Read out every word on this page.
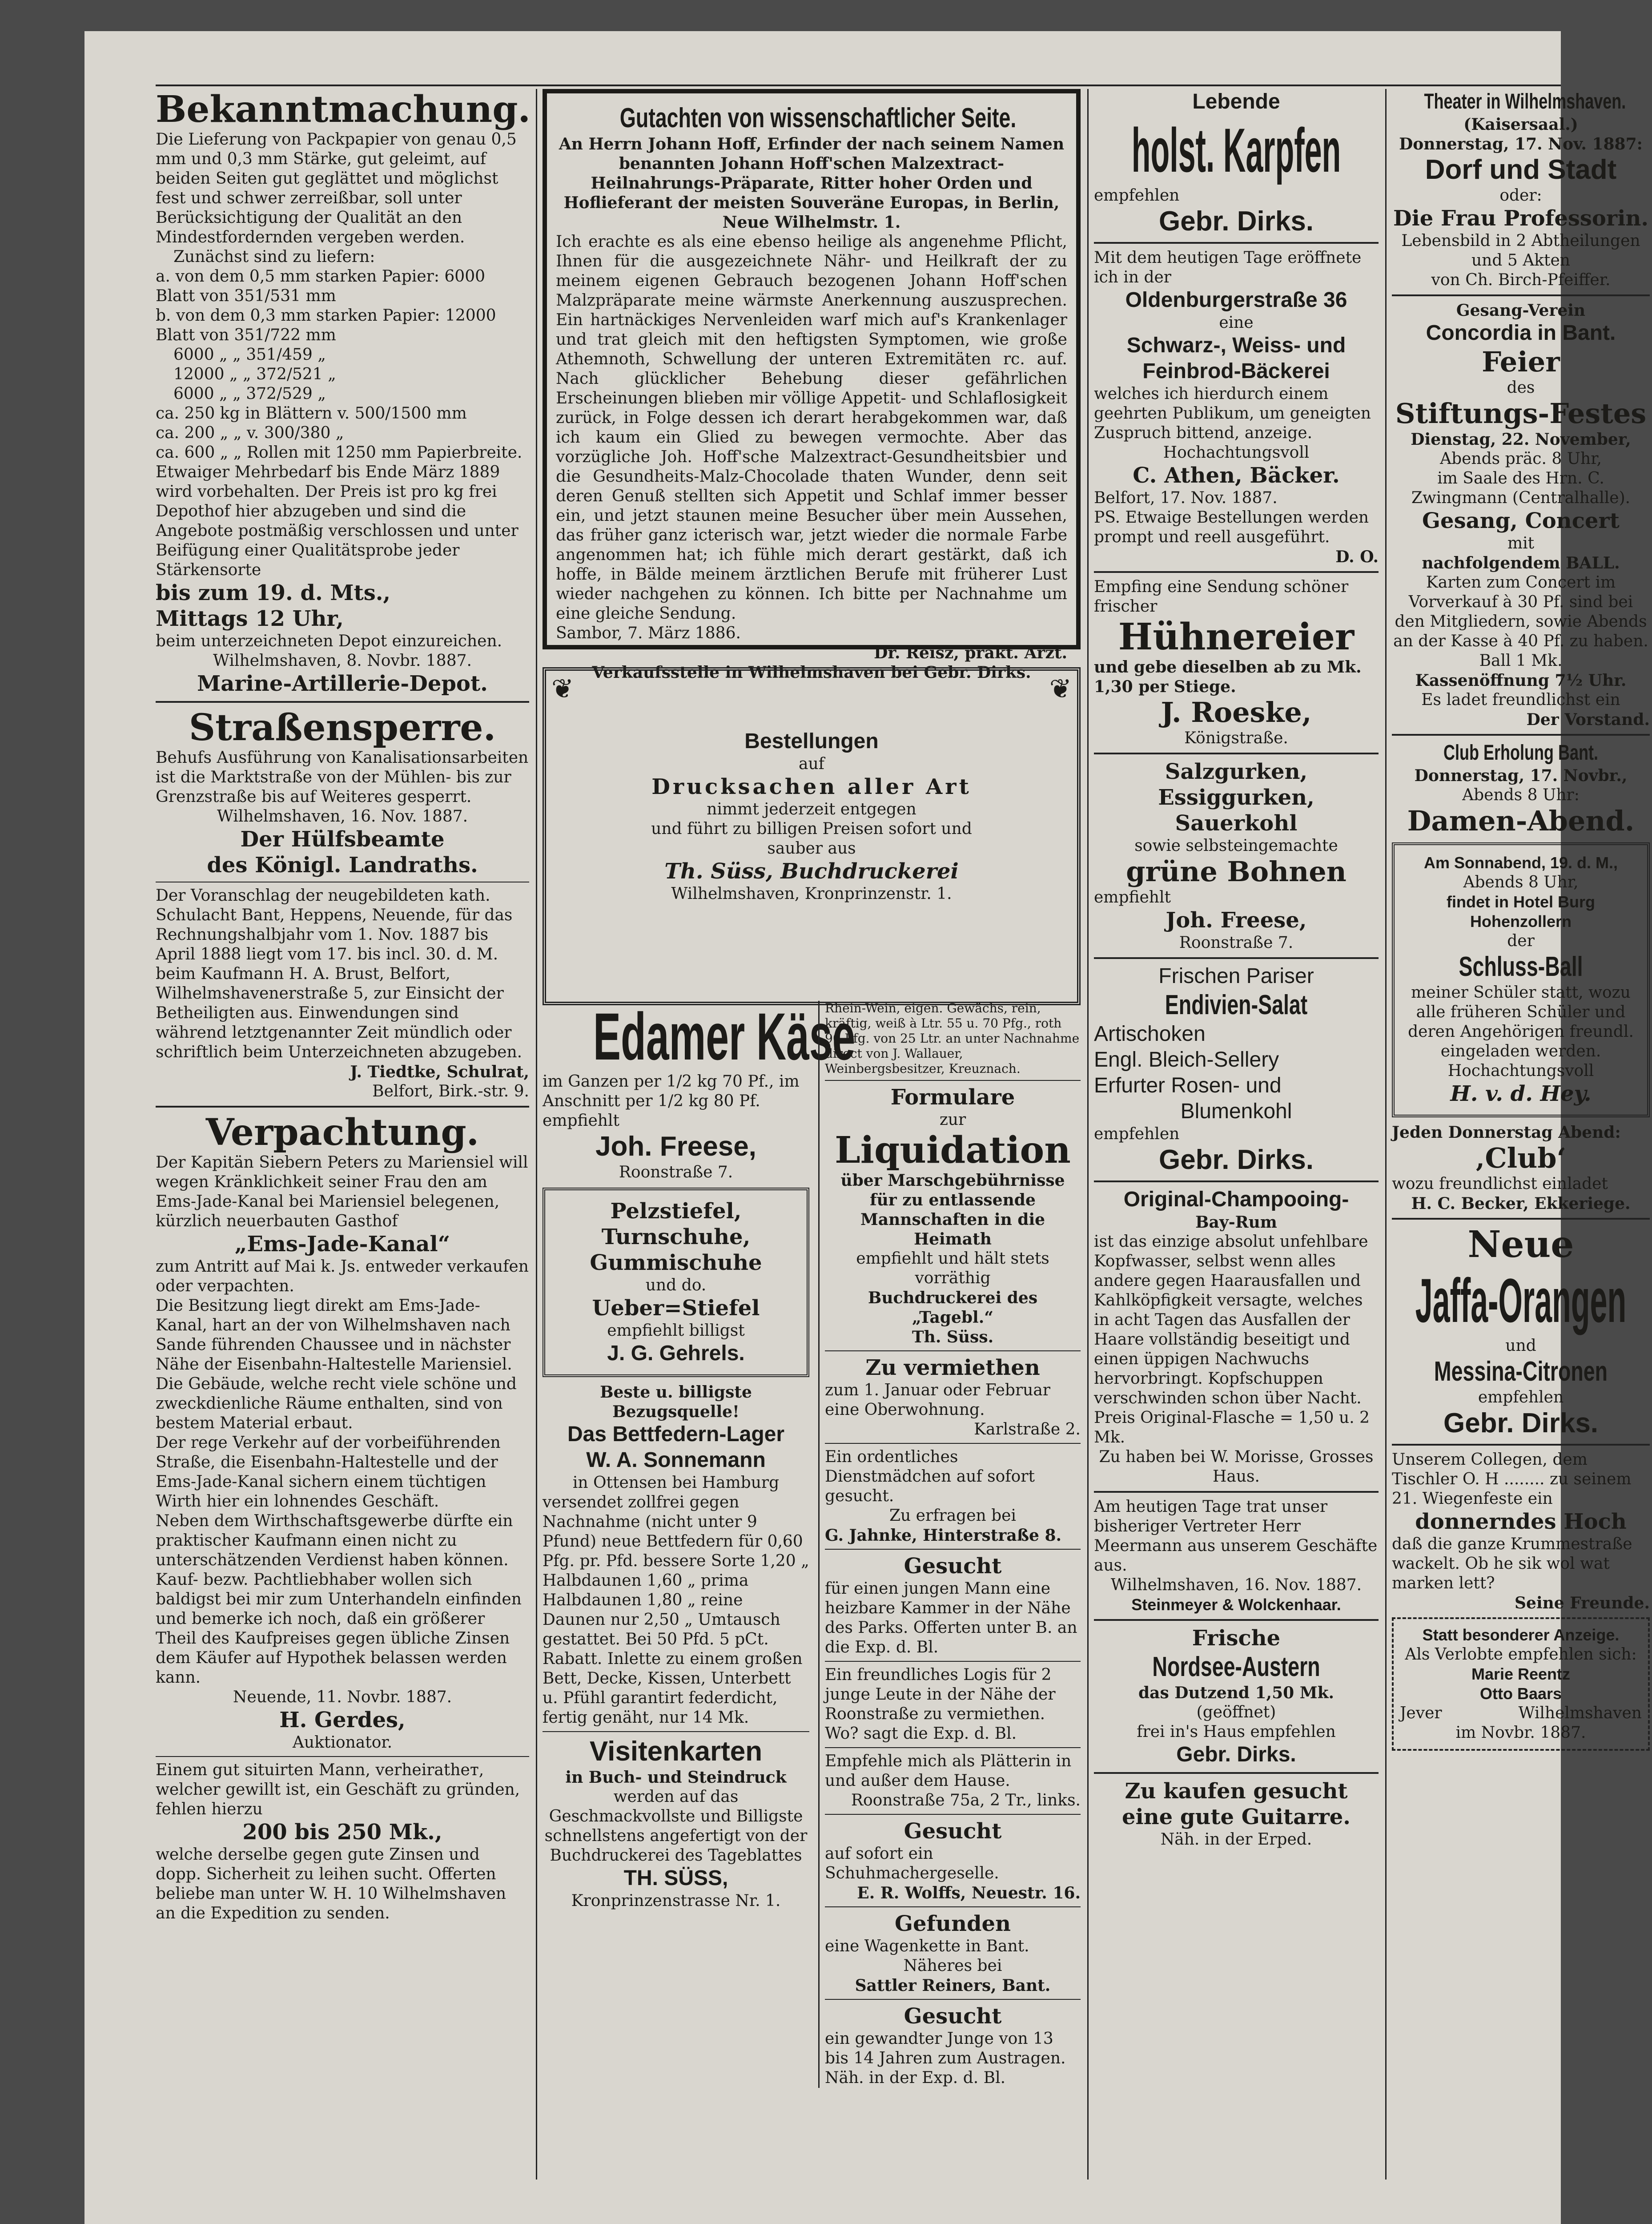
Bekanntmachung.

Die Lieferung von Packpapier von genau 0,5 mm und 0,3 mm Stärke, gut geleimt, auf beiden Seiten gut geglättet und möglichst fest und schwer zerreißbar, soll unter Berücksichtigung der Qualität an den Mindestfordernden vergeben werden.

Zunächst sind zu liefern:

a. von dem 0,5 mm starken Papier: 6000 Blatt von 351/531 mm

b. von dem 0,3 mm starken Papier: 12000 Blatt von 351/722 mm

6000 „ „ 351/459 „

12000 „ „ 372/521 „

6000 „ „ 372/529 „

ca. 250 kg in Blättern v. 500/1500 mm

ca. 200 „ „ v. 300/380 „

ca. 600 „ „ Rollen mit 1250 mm Papierbreite.

Etwaiger Mehrbedarf bis Ende März 1889 wird vorbehalten. Der Preis ist pro kg frei Depothof hier abzugeben und sind die Angebote postmäßig verschlossen und unter Beifügung einer Qualitätsprobe jeder Stärkensorte

bis zum 19. d. Mts.,
Mittags 12 Uhr,

beim unterzeichneten Depot einzureichen.

Wilhelmshaven, 8. Novbr. 1887.

Marine-Artillerie-Depot.
Straßensperre.

Behufs Ausführung von Kanalisationsarbeiten ist die Marktstraße von der Mühlen- bis zur Grenzstraße bis auf Weiteres gesperrt.

Wilhelmshaven, 16. Nov. 1887.

Der Hülfsbeamte
des Königl. Landraths.

Der Voranschlag der neugebildeten kath. Schulacht Bant, Heppens, Neuende, für das Rechnungshalbjahr vom 1. Nov. 1887 bis April 1888 liegt vom 17. bis incl. 30. d. M. beim Kaufmann H. A. Brust, Belfort, Wilhelmshavenerstraße 5, zur Einsicht der Betheiligten aus. Einwendungen sind während letztgenannter Zeit mündlich oder schriftlich beim Unterzeichneten abzugeben.

J. Tiedtke, Schulrat,

Belfort, Birk.-str. 9.

Verpachtung.

Der Kapitän Siebern Peters zu Mariensiel will wegen Kränklichkeit seiner Frau den am Ems-Jade-Kanal bei Mariensiel belegenen, kürzlich neuerbauten Gasthof

„Ems-Jade-Kanal“

zum Antritt auf Mai k. Js. entweder verkaufen oder verpachten.

Die Besitzung liegt direkt am Ems-Jade-Kanal, hart an der von Wilhelmshaven nach Sande führenden Chaussee und in nächster Nähe der Eisenbahn-Haltestelle Mariensiel. Die Gebäude, welche recht viele schöne und zweckdienliche Räume enthalten, sind von bestem Material erbaut.

Der rege Verkehr auf der vorbeiführenden Straße, die Eisenbahn-Haltestelle und der Ems-Jade-Kanal sichern einem tüchtigen Wirth hier ein lohnendes Geschäft.

Neben dem Wirthschaftsgewerbe dürfte ein praktischer Kaufmann einen nicht zu unterschätzenden Verdienst haben können.

Kauf- bezw. Pachtliebhaber wollen sich baldigst bei mir zum Unterhandeln einfinden und bemerke ich noch, daß ein größerer Theil des Kaufpreises gegen übliche Zinsen dem Käufer auf Hypothek belassen werden kann.

Neuende, 11. Novbr. 1887.

H. Gerdes,

Auktionator.

Einem gut situirten Mann, verheiratheт, welcher gewillt ist, ein Geschäft zu gründen, fehlen hierzu

200 bis 250 Mk.,

welche derselbe gegen gute Zinsen und dopp. Sicherheit zu leihen sucht. Offerten beliebe man unter W. H. 10 Wilhelmshaven an die Expedition zu senden.

Gutachten von wissenschaftlicher Seite.

An Herrn Johann Hoff, Erfinder der nach seinem Namen benannten Johann Hoff'schen Malzextract-Heilnahrungs-Präparate, Ritter hoher Orden und Hoflieferant der meisten Souveräne Europas, in Berlin, Neue Wilhelmstr. 1.

Ich erachte es als eine ebenso heilige als angenehme Pflicht, Ihnen für die ausgezeichnete Nähr- und Heilkraft der zu meinem eigenen Gebrauch bezogenen Johann Hoff'schen Malzpräparate meine wärmste Anerkennung auszusprechen. Ein hartnäckiges Nervenleiden warf mich auf's Krankenlager und trat gleich mit den heftigsten Symptomen, wie große Athemnoth, Schwellung der unteren Extremitäten rc. auf. Nach glücklicher Behebung dieser gefährlichen Erscheinungen blieben mir völlige Appetit- und Schlaflosigkeit zurück, in Folge dessen ich derart herabgekommen war, daß ich kaum ein Glied zu bewegen vermochte. Aber das vorzügliche Joh. Hoff'sche Malzextract-Gesundheitsbier und die Gesundheits-Malz-Chocolade thaten Wunder, denn seit deren Genuß stellten sich Appetit und Schlaf immer besser ein, und jetzt staunen meine Besucher über mein Aussehen, das früher ganz icterisch war, jetzt wieder die normale Farbe angenommen hat; ich fühle mich derart gestärkt, daß ich hoffe, in Bälde meinem ärztlichen Berufe mit früherer Lust wieder nachgehen zu können. Ich bitte per Nachnahme um eine gleiche Sendung.

Sambor, 7. März 1886.

Dr. Reisz, prakt. Arzt.

Verkaufsstelle in Wilhelmshaven bei Gebr. Dirks.

❦ Bestellungen

auf

Drucksachen aller Art

nimmt jederzeit entgegen

und führt zu billigen Preisen sofort und

sauber aus

Th. Süss, Buchdruckerei

Wilhelmshaven, Kronprinzenstr. 1.

❦
Edamer Käse

im Ganzen per 1/2 kg 70 Pf., im Anschnitt per 1/2 kg 80 Pf.

empfiehlt

Joh. Freese,

Roonstraße 7.

Pelzstiefel,
Turnschuhe,
Gummischuhe

und do.

Ueber=Stiefel

empfiehlt billigst

J. G. Gehrels.

Beste u. billigste Bezugsquelle!

Das Bettfedern-Lager
W. A. Sonnemann

in Ottensen bei Hamburg

versendet zollfrei gegen Nachnahme (nicht unter 9 Pfund) neue Bettfedern für 0,60 Pfg. pr. Pfd. bessere Sorte 1,20 „ Halbdaunen 1,60 „ prima Halbdaunen 1,80 „ reine Daunen nur 2,50 „ Umtausch gestattet. Bei 50 Pfd. 5 pCt. Rabatt. Inlette zu einem großen Bett, Decke, Kissen, Unterbett u. Pfühl garantirt federdicht, fertig genäht, nur 14 Mk.

Visitenkarten

in Buch- und Steindruck

werden auf das Geschmackvollste und Billigste schnellstens angefertigt von der Buchdruckerei des Tageblattes

TH. SÜSS,

Kronprinzenstrasse Nr. 1.

Rhein-Wein, eigen. Gewächs, rein, kräftig, weiß à Ltr. 55 u. 70 Pfg., roth 90 Pfg. von 25 Ltr. an unter Nachnahme direct von J. Wallauer, Weinbergsbesitzer, Kreuznach.

Formulare

zur

Liquidation

über Marschgebührnisse für zu entlassende Mannschaften in die Heimath

empfiehlt und hält stets vorräthig

Buchdruckerei des „Tagebl.“

Th. Süss.

Zu vermiethen

zum 1. Januar oder Februar eine Oberwohnung.

Karlstraße 2.

Ein ordentliches Dienstmädchen auf sofort gesucht.

Zu erfragen bei

G. Jahnke, Hinterstraße 8.

Gesucht

für einen jungen Mann eine heizbare Kammer in der Nähe des Parks. Offerten unter B. an die Exp. d. Bl.

Ein freundliches Logis für 2 junge Leute in der Nähe der Roonstraße zu vermiethen. Wo? sagt die Exp. d. Bl.

Empfehle mich als Plätterin in und außer dem Hause.

Roonstraße 75a, 2 Tr., links.

Gesucht

auf sofort ein Schuhmachergeselle.

E. R. Wolffs, Neuestr. 16.

Gefunden

eine Wagenkette in Bant.

Näheres bei

Sattler Reiners, Bant.

Gesucht

ein gewandter Junge von 13 bis 14 Jahren zum Austragen.

Näh. in der Exp. d. Bl.

Lebende
holst. Karpfen

empfehlen

Gebr. Dirks.

Mit dem heutigen Tage eröffnete ich in der

Oldenburgerstraße 36

eine

Schwarz-, Weiss- und Feinbrod-Bäckerei

welches ich hierdurch einem geehrten Publikum, um geneigten Zuspruch bittend, anzeige.

Hochachtungsvoll

C. Athen, Bäcker.

Belfort, 17. Nov. 1887.

PS. Etwaige Bestellungen werden prompt und reell ausgeführt.

D. O.

Empfing eine Sendung schöner frischer

Hühnereier

und gebe dieselben ab zu Mk. 1,30 per Stiege.

J. Roeske,

Königstraße.

Salzgurken,
Essiggurken,
Sauerkohl

sowie selbsteingemachte

grüne Bohnen

empfiehlt

Joh. Freese,

Roonstraße 7.

Frischen Pariser
Endivien-Salat
Artischoken
Engl. Bleich-Sellery
Erfurter Rosen- und
Blumenkohl

empfehlen

Gebr. Dirks.
Original-Champooing-

Bay-Rum

ist das einzige absolut unfehlbare Kopfwasser, selbst wenn alles andere gegen Haarausfallen und Kahlköpfigkeit versagte, welches in acht Tagen das Ausfallen der Haare vollständig beseitigt und einen üppigen Nachwuchs hervorbringt. Kopfschuppen verschwinden schon über Nacht. Preis Original-Flasche = 1,50 u. 2 Mk.

Zu haben bei W. Morisse, Grosses Haus.

Am heutigen Tage trat unser bisheriger Vertreter Herr Meermann aus unserem Geschäfte aus.

Wilhelmshaven, 16. Nov. 1887.

Steinmeyer & Wolckenhaar.

Frische
Nordsee-Austern

das Dutzend 1,50 Mk.

(geöffnet)

frei in's Haus empfehlen

Gebr. Dirks.
Zu kaufen gesucht
eine gute Guitarre.

Näh. in der Erped.

Theater in Wilhelmshaven.

(Kaisersaal.)

Donnerstag, 17. Nov. 1887:

Dorf und Stadt

oder:

Die Frau Professorin.

Lebensbild in 2 Abtheilungen und 5 Akten

von Ch. Birch-Pfeiffer.

Gesang-Verein

Concordia in Bant.
Feier

des

Stiftungs-Festes

Dienstag, 22. November,

Abends präc. 8 Uhr,

im Saale des Hrn. C. Zwingmann (Centralhalle).

Gesang, Concert

mit

nachfolgendem BALL.

Karten zum Concert im Vorverkauf à 30 Pf. sind bei den Mitgliedern, sowie Abends an der Kasse à 40 Pf. zu haben. Ball 1 Mk.

Kassenöffnung 7½ Uhr.

Es ladet freundlichst ein

Der Vorstand.

Club Erholung Bant.

Donnerstag, 17. Novbr.,

Abends 8 Uhr:

Damen-Abend.

Am Sonnabend, 19. d. M.,

Abends 8 Uhr,

findet in Hotel Burg

Hohenzollern

der

Schluss-Ball

meiner Schüler statt, wozu alle früheren Schüler und deren Angehörigen freundl. eingeladen werden.

Hochachtungsvoll

H. v. d. Hey.

Jeden Donnerstag Abend:

‚Club‘

wozu freundlichst einladet

H. C. Becker, Ekkeriege.

Neue
Jaffa-Orangen

und

Messina-Citronen

empfehlen

Gebr. Dirks.

Unserem Collegen, dem Tischler O. H ........ zu seinem 21. Wiegenfeste ein

donnerndes Hoch

daß die ganze Krummestraße wackelt. Ob he sik wol wat marken lett?

Seine Freunde.

Statt besonderer Anzeige.

Als Verlobte empfehlen sich:

Marie Reentz

Otto Baars

Jever	Wilhelmshaven

im Novbr. 1887.
